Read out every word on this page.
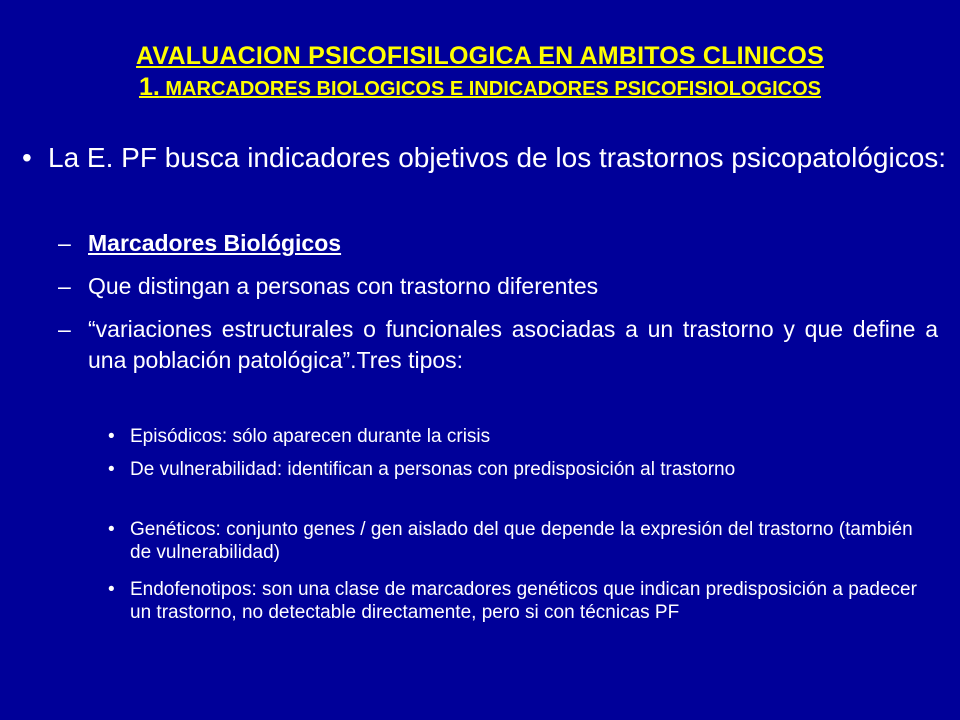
AVALUACION PSICOFISILOGICA EN AMBITOS CLINICOS
1. MARCADORES BIOLOGICOS E INDICADORES PSICOFISIOLOGICOS
• La E. PF busca indicadores objetivos de los trastornos psicopatológicos:
– Marcadores Biológicos
– Que distingan a personas con trastorno diferentes
– “variaciones estructurales o funcionales asociadas a un trastorno y que define a una población patológica”.Tres tipos:
• Episódicos: sólo aparecen durante la crisis
• De vulnerabilidad: identifican a personas con predisposición al trastorno
• Genéticos: conjunto genes / gen aislado del que depende la expresión del trastorno (también de vulnerabilidad)
• Endofenotipos: son una clase de marcadores genéticos que indican predisposición a padecer un trastorno, no detectable directamente, pero si con técnicas PF
